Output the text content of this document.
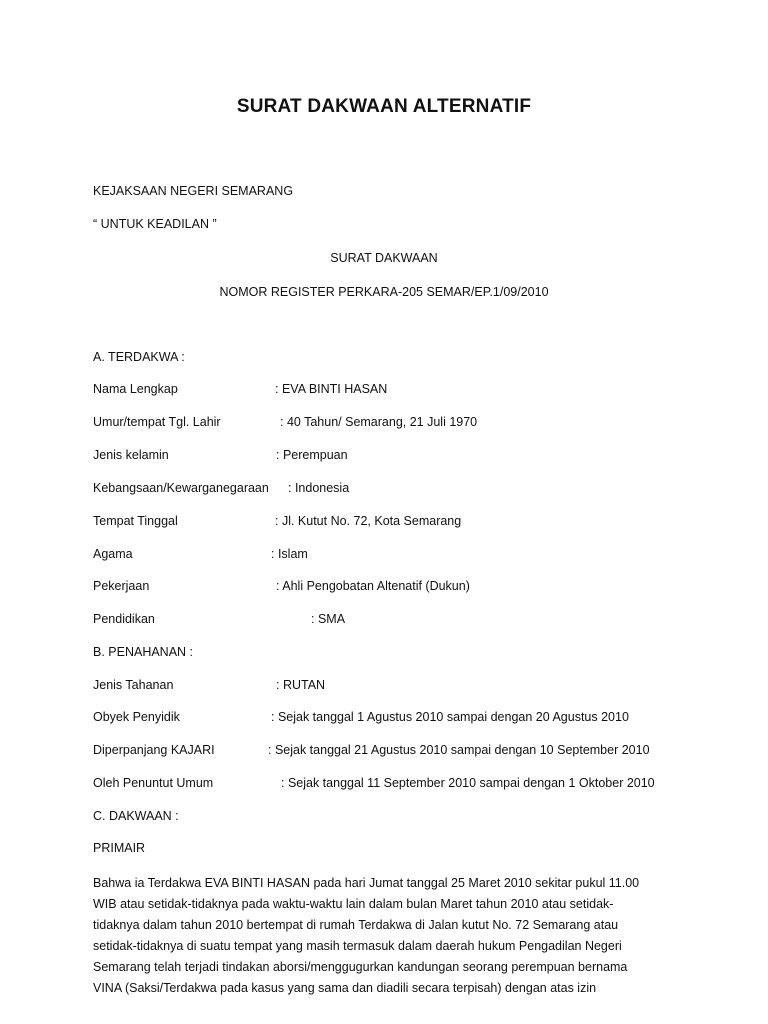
SURAT DAKWAAN ALTERNATIF
KEJAKSAAN NEGERI SEMARANG
“ UNTUK KEADILAN ”
SURAT DAKWAAN
NOMOR REGISTER PERKARA-205 SEMAR/EP.1/09/2010
A. TERDAKWA :
Nama Lengkap	: EVA BINTI HASAN
Umur/tempat Tgl. Lahir	: 40 Tahun/ Semarang, 21 Juli 1970
Jenis kelamin	: Perempuan
Kebangsaan/Kewarganegaraan : Indonesia
Tempat Tinggal	: Jl. Kutut No. 72, Kota Semarang
Agama	: Islam
Pekerjaan	: Ahli Pengobatan Altenatif (Dukun)
Pendidikan	: SMA
B. PENAHANAN :
Jenis Tahanan	: RUTAN
Obyek Penyidik	: Sejak tanggal 1 Agustus 2010 sampai dengan 20 Agustus 2010
Diperpanjang KAJARI	: Sejak tanggal 21 Agustus 2010 sampai dengan 10 September 2010
Oleh Penuntut Umum	: Sejak tanggal 11 September 2010 sampai dengan 1 Oktober 2010
C. DAKWAAN :
PRIMAIR
Bahwa ia Terdakwa EVA BINTI HASAN pada hari Jumat tanggal 25 Maret 2010 sekitar pukul 11.00
WIB atau setidak-tidaknya pada waktu-waktu lain dalam bulan Maret tahun 2010 atau setidak-
tidaknya dalam tahun 2010 bertempat di rumah Terdakwa di Jalan kutut No. 72 Semarang atau
setidak-tidaknya di suatu tempat yang masih termasuk dalam daerah hukum Pengadilan Negeri
Semarang telah terjadi tindakan aborsi/menggugurkan kandungan seorang perempuan bernama
VINA (Saksi/Terdakwa pada kasus yang sama dan diadili secara terpisah) dengan atas izin
